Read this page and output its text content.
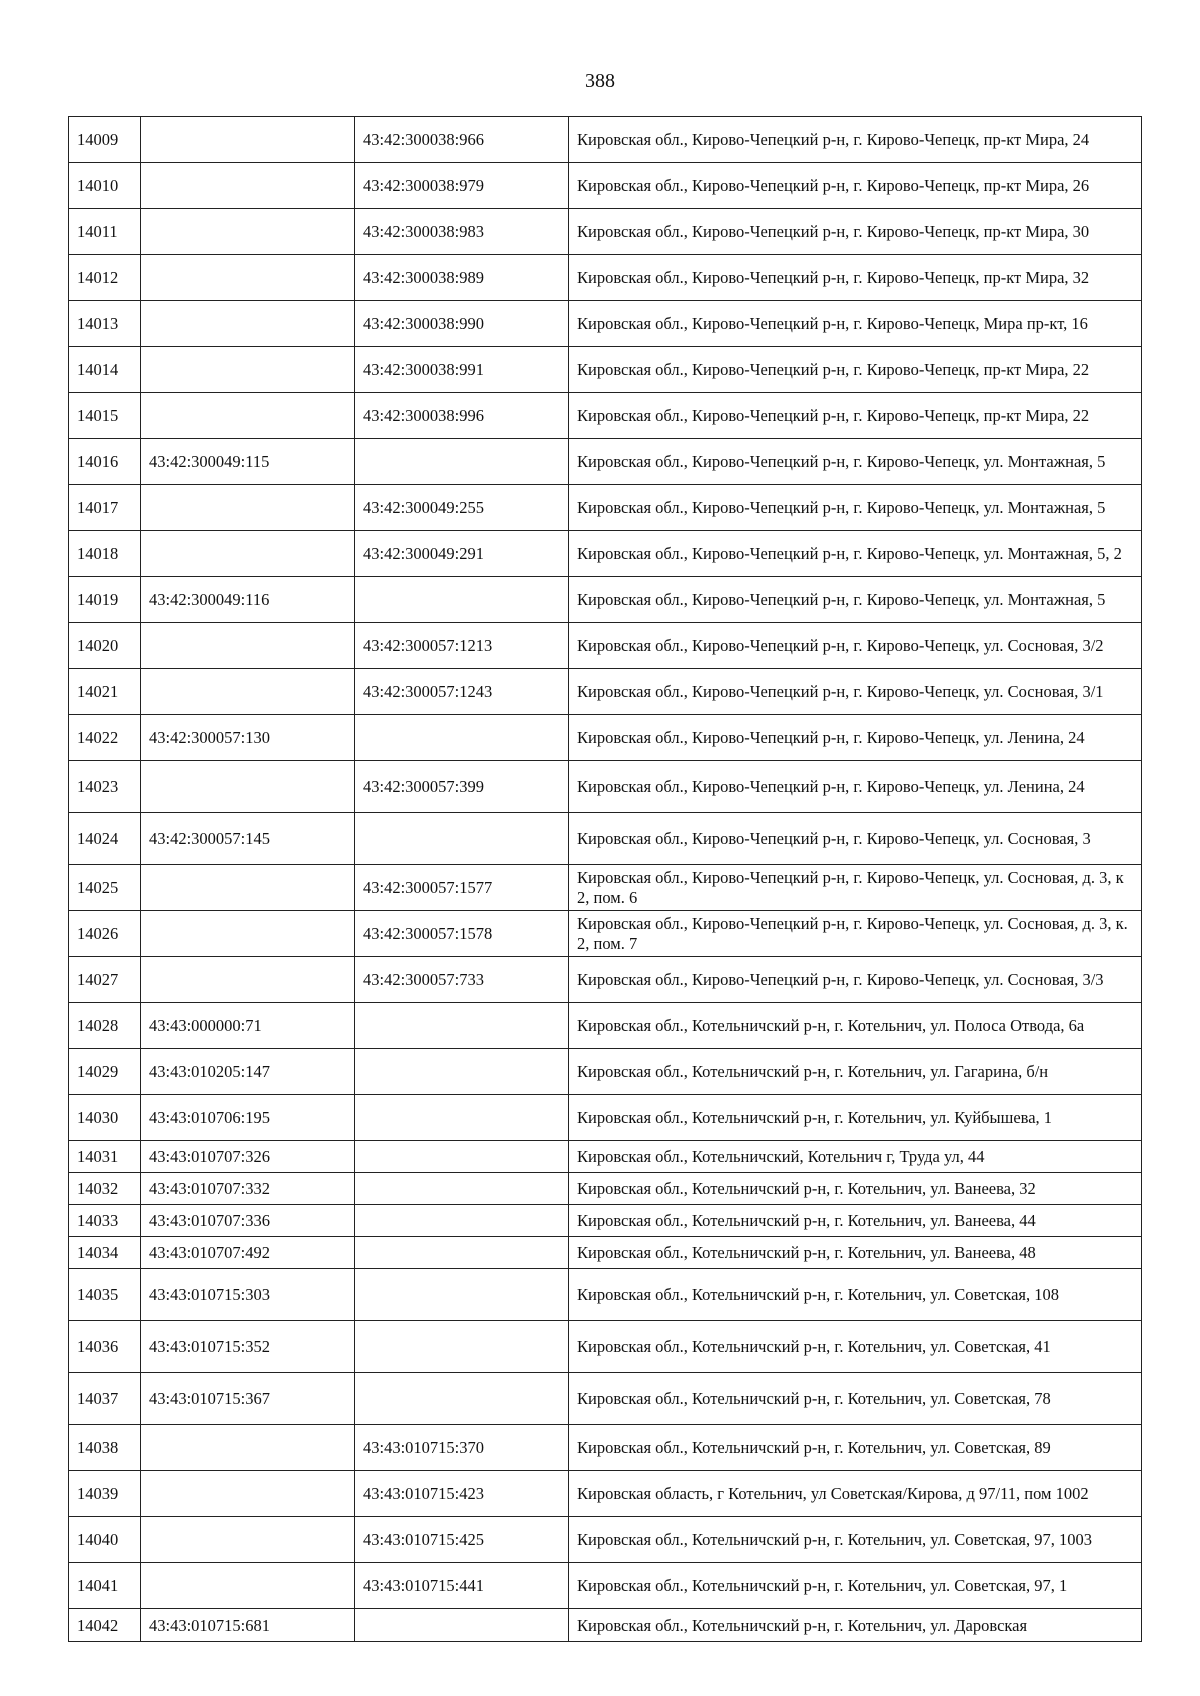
388
14009		43:42:300038:966	Кировская обл., Кирово-Чепецкий р-н, г. Кирово-Чепецк, пр-кт Мира, 24
14010		43:42:300038:979	Кировская обл., Кирово-Чепецкий р-н, г. Кирово-Чепецк, пр-кт Мира, 26
14011		43:42:300038:983	Кировская обл., Кирово-Чепецкий р-н, г. Кирово-Чепецк, пр-кт Мира, 30
14012		43:42:300038:989	Кировская обл., Кирово-Чепецкий р-н, г. Кирово-Чепецк, пр-кт Мира, 32
14013		43:42:300038:990	Кировская обл., Кирово-Чепецкий р-н, г. Кирово-Чепецк, Мира пр-кт, 16
14014		43:42:300038:991	Кировская обл., Кирово-Чепецкий р-н, г. Кирово-Чепецк, пр-кт Мира, 22
14015		43:42:300038:996	Кировская обл., Кирово-Чепецкий р-н, г. Кирово-Чепецк, пр-кт Мира, 22
14016	43:42:300049:115		Кировская обл., Кирово-Чепецкий р-н, г. Кирово-Чепецк, ул. Монтажная, 5
14017		43:42:300049:255	Кировская обл., Кирово-Чепецкий р-н, г. Кирово-Чепецк, ул. Монтажная, 5
14018		43:42:300049:291	Кировская обл., Кирово-Чепецкий р-н, г. Кирово-Чепецк, ул. Монтажная, 5, 2
14019	43:42:300049:116		Кировская обл., Кирово-Чепецкий р-н, г. Кирово-Чепецк, ул. Монтажная, 5
14020		43:42:300057:1213	Кировская обл., Кирово-Чепецкий р-н, г. Кирово-Чепецк, ул. Сосновая, 3/2
14021		43:42:300057:1243	Кировская обл., Кирово-Чепецкий р-н, г. Кирово-Чепецк, ул. Сосновая, 3/1
14022	43:42:300057:130		Кировская обл., Кирово-Чепецкий р-н, г. Кирово-Чепецк, ул. Ленина, 24
14023		43:42:300057:399	Кировская обл., Кирово-Чепецкий р-н, г. Кирово-Чепецк, ул. Ленина, 24
14024	43:42:300057:145		Кировская обл., Кирово-Чепецкий р-н, г. Кирово-Чепецк, ул. Сосновая, 3
14025		43:42:300057:1577	Кировская обл., Кирово-Чепецкий р-н, г. Кирово-Чепецк, ул. Сосновая, д. 3, к 2, пом. 6
14026		43:42:300057:1578	Кировская обл., Кирово-Чепецкий р-н, г. Кирово-Чепецк, ул. Сосновая, д. 3, к. 2, пом. 7
14027		43:42:300057:733	Кировская обл., Кирово-Чепецкий р-н, г. Кирово-Чепецк, ул. Сосновая, 3/3
14028	43:43:000000:71		Кировская обл., Котельничский р-н, г. Котельнич, ул. Полоса Отвода, 6а
14029	43:43:010205:147		Кировская обл., Котельничский р-н, г. Котельнич, ул. Гагарина, б/н
14030	43:43:010706:195		Кировская обл., Котельничский р-н, г. Котельнич, ул. Куйбышева, 1
14031	43:43:010707:326		Кировская обл., Котельничский, Котельнич г, Труда ул, 44
14032	43:43:010707:332		Кировская обл., Котельничский р-н, г. Котельнич, ул. Ванеева, 32
14033	43:43:010707:336		Кировская обл., Котельничский р-н, г. Котельнич, ул. Ванеева, 44
14034	43:43:010707:492		Кировская обл., Котельничский р-н, г. Котельнич, ул. Ванеева, 48
14035	43:43:010715:303		Кировская обл., Котельничский р-н, г. Котельнич, ул. Советская, 108
14036	43:43:010715:352		Кировская обл., Котельничский р-н, г. Котельнич, ул. Советская, 41
14037	43:43:010715:367		Кировская обл., Котельничский р-н, г. Котельнич, ул. Советская, 78
14038		43:43:010715:370	Кировская обл., Котельничский р-н, г. Котельнич, ул. Советская, 89
14039		43:43:010715:423	Кировская область, г Котельнич, ул Советская/Кирова, д 97/11, пом 1002
14040		43:43:010715:425	Кировская обл., Котельничский р-н, г. Котельнич, ул. Советская, 97, 1003
14041		43:43:010715:441	Кировская обл., Котельничский р-н, г. Котельнич, ул. Советская, 97, 1
14042	43:43:010715:681		Кировская обл., Котельничский р-н, г. Котельнич, ул. Даровская
